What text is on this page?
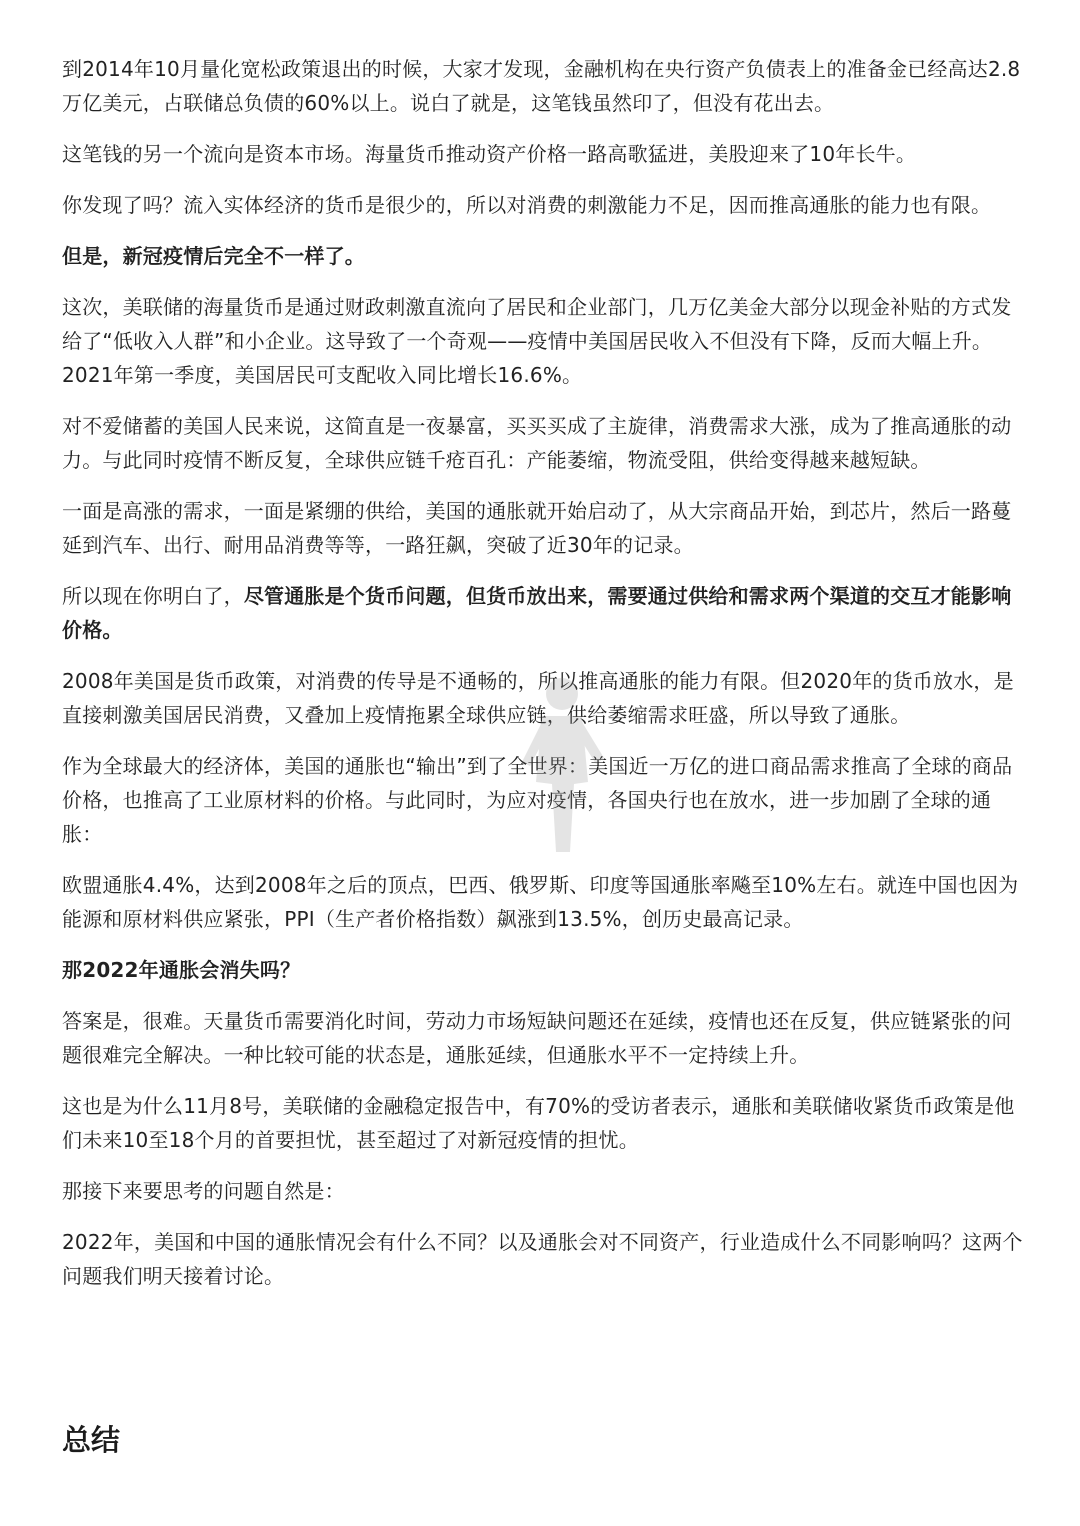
到2014年10月量化宽松政策退出的时候，大家才发现，金融机构在央行资产负债表上的准备金已经高达2.8万亿美元，占联储总负债的60%以上。说白了就是，这笔钱虽然印了，但没有花出去。

这笔钱的另一个流向是资本市场。海量货币推动资产价格一路高歌猛进，美股迎来了10年长牛。

你发现了吗？流入实体经济的货币是很少的，所以对消费的刺激能力不足，因而推高通胀的能力也有限。

但是，新冠疫情后完全不一样了。

这次，美联储的海量货币是通过财政刺激直流向了居民和企业部门，几万亿美金大部分以现金补贴的方式发给了“低收入人群”和小企业。这导致了一个奇观——疫情中美国居民收入不但没有下降，反而大幅上升。2021年第一季度，美国居民可支配收入同比增长16.6%。

对不爱储蓄的美国人民来说，这简直是一夜暴富，买买买成了主旋律，消费需求大涨，成为了推高通胀的动力。与此同时疫情不断反复，全球供应链千疮百孔：产能萎缩，物流受阻，供给变得越来越短缺。

一面是高涨的需求，一面是紧绷的供给，美国的通胀就开始启动了，从大宗商品开始，到芯片，然后一路蔓延到汽车、出行、耐用品消费等等，一路狂飙，突破了近30年的记录。

所以现在你明白了，尽管通胀是个货币问题，但货币放出来，需要通过供给和需求两个渠道的交互才能影响价格。

2008年美国是货币政策，对消费的传导是不通畅的，所以推高通胀的能力有限。但2020年的货币放水，是直接刺激美国居民消费，又叠加上疫情拖累全球供应链，供给萎缩需求旺盛，所以导致了通胀。

作为全球最大的经济体，美国的通胀也“输出”到了全世界：美国近一万亿的进口商品需求推高了全球的商品价格，也推高了工业原材料的价格。与此同时，为应对疫情，各国央行也在放水，进一步加剧了全球的通胀：

欧盟通胀4.4%，达到2008年之后的顶点，巴西、俄罗斯、印度等国通胀率飚至10%左右。就连中国也因为能源和原材料供应紧张，PPI（生产者价格指数）飙涨到13.5%，创历史最高记录。

那2022年通胀会消失吗？

答案是，很难。天量货币需要消化时间，劳动力市场短缺问题还在延续，疫情也还在反复，供应链紧张的问题很难完全解决。一种比较可能的状态是，通胀延续，但通胀水平不一定持续上升。

这也是为什么11月8号，美联储的金融稳定报告中，有70%的受访者表示，通胀和美联储收紧货币政策是他们未来10至18个月的首要担忧，甚至超过了对新冠疫情的担忧。

那接下来要思考的问题自然是：

2022年，美国和中国的通胀情况会有什么不同？以及通胀会对不同资产，行业造成什么不同影响吗？这两个问题我们明天接着讨论。

总结
